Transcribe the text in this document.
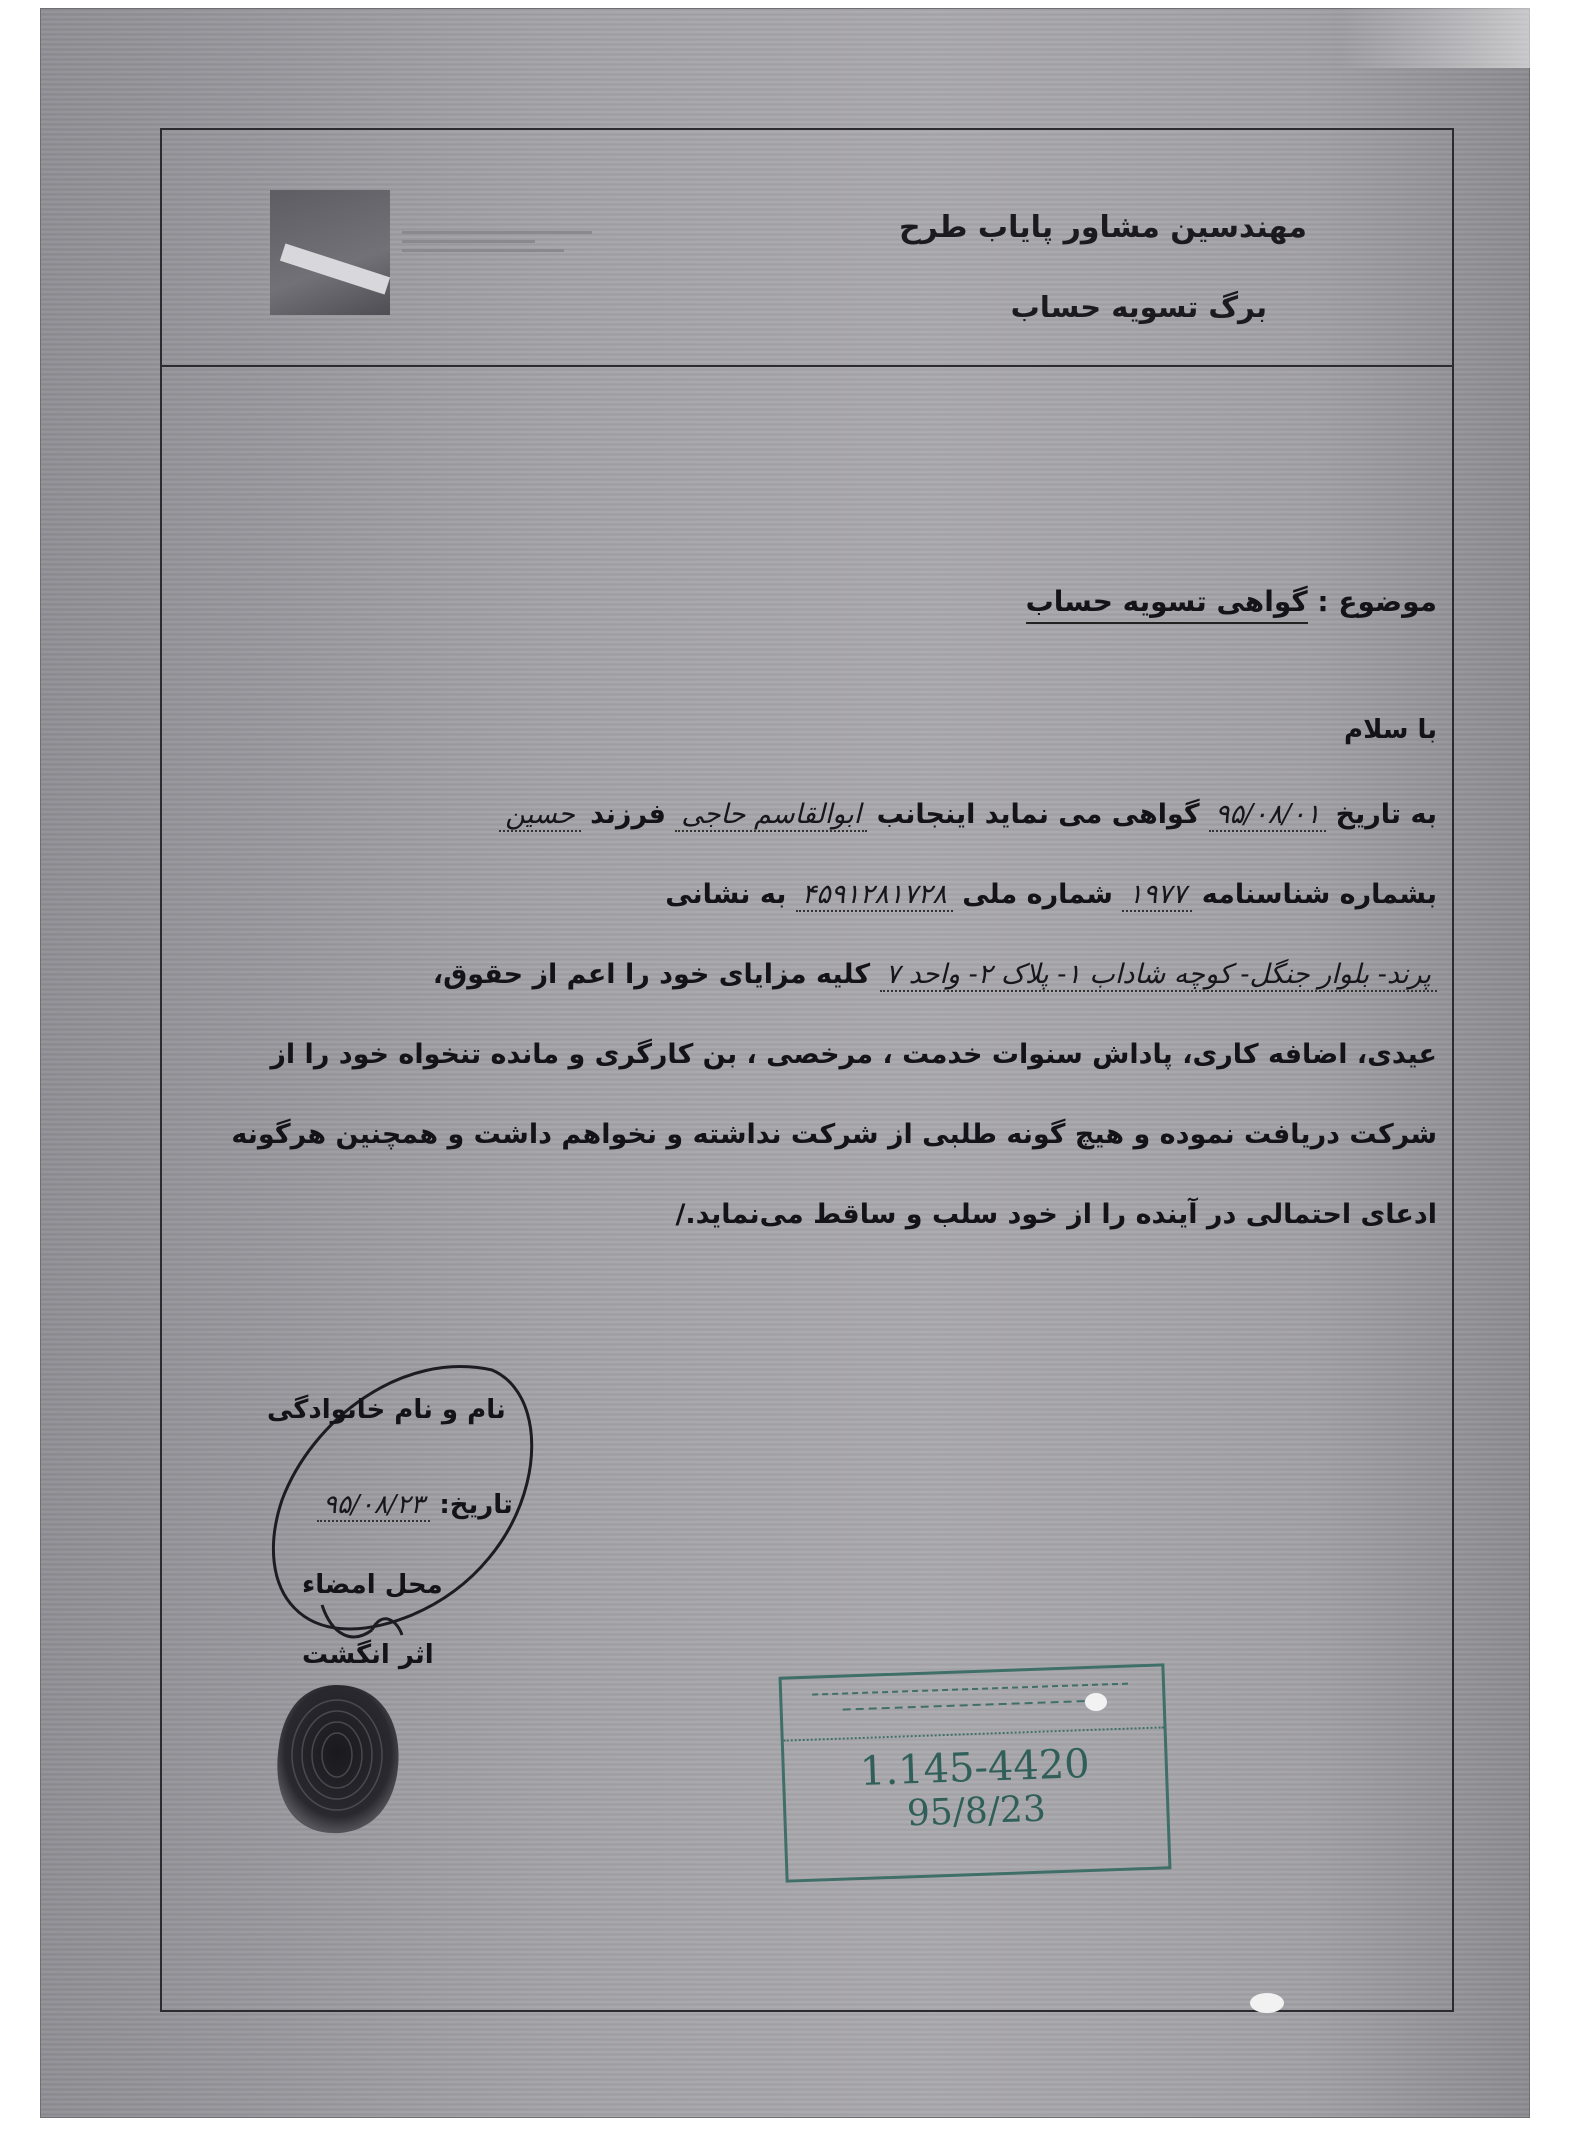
مهندسین مشاور پایاب طرح
برگ تسویه حساب
موضوع : گواهی تسویه حساب
با سلام
به تاریخ ۹۵/۰۸/۰۱ گواهی می نماید اینجانب ابوالقاسم حاجی فرزند حسین
بشماره شناسنامه ۱۹۷۷ شماره ملی ۴۵۹۱۲۸۱۷۲۸ به نشانی
پرند- بلوار جنگل- کوچه شاداب ۱- پلاک ۲- واحد ۷ کلیه مزایای خود را اعم از حقوق،
عیدی، اضافه کاری، پاداش سنوات خدمت ، مرخصی ، بن کارگری و مانده تنخواه خود را از
شرکت دریافت نموده و هیچ گونه طلبی از شرکت نداشته و نخواهم داشت و همچنین هرگونه
ادعای احتمالی در آینده را از خود سلب و ساقط می‌نماید./
نام و نام خانوادگی
تاریخ: ۹۵/۰۸/۲۳
محل امضاء
اثر انگشت
1.145-4420
95/8/23
